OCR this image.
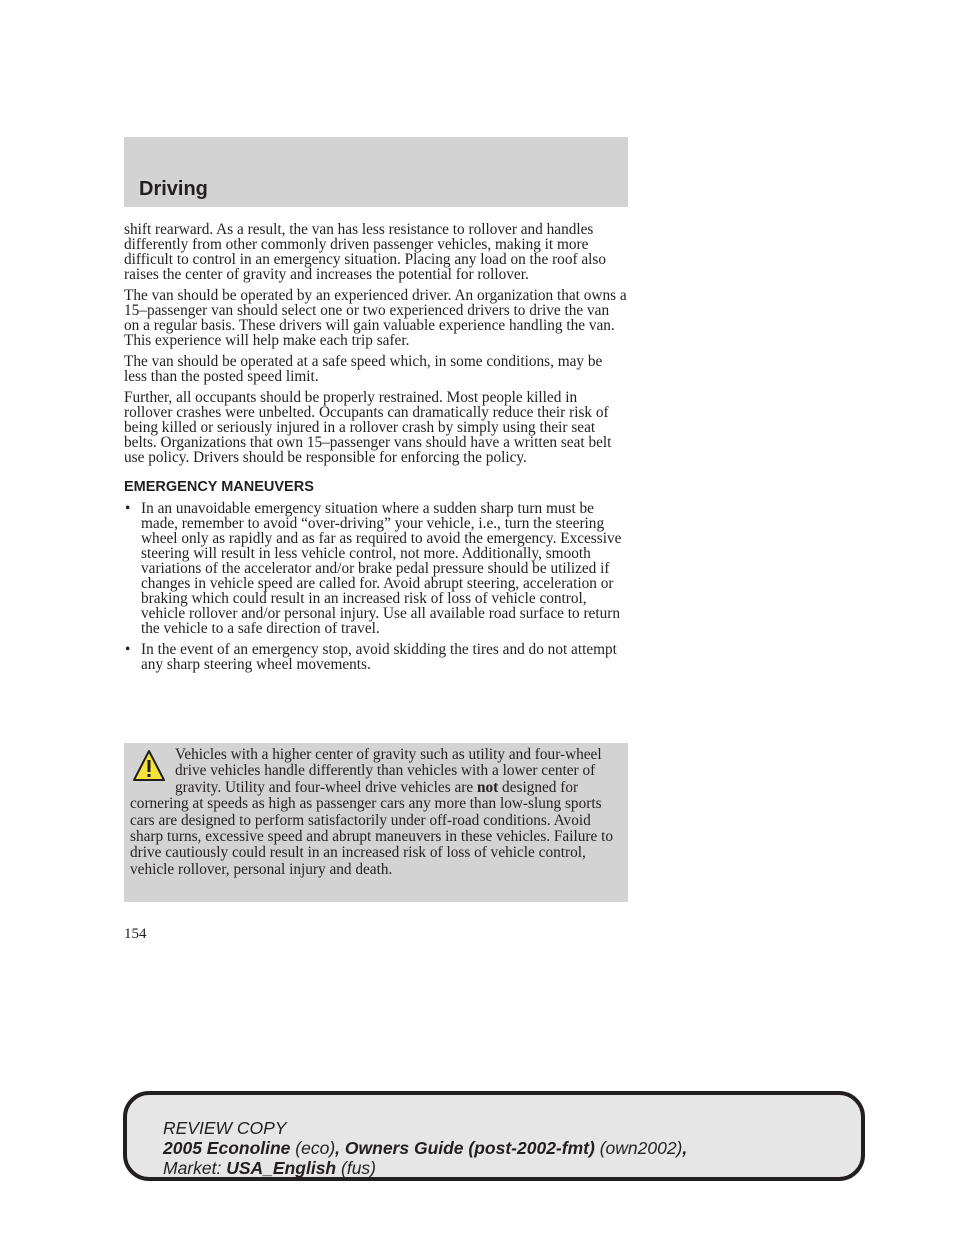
Driving

shift rearward. As a result, the van has less resistance to rollover and handles differently from other commonly driven passenger vehicles, making it more difficult to control in an emergency situation. Placing any load on the roof also raises the center of gravity and increases the potential for rollover.

The van should be operated by an experienced driver. An organization that owns a 15–passenger van should select one or two experienced drivers to drive the van on a regular basis. These drivers will gain valuable experience handling the van. This experience will help make each trip safer.

The van should be operated at a safe speed which, in some conditions, may be less than the posted speed limit.

Further, all occupants should be properly restrained. Most people killed in rollover crashes were unbelted. Occupants can dramatically reduce their risk of being killed or seriously injured in a rollover crash by simply using their seat belts. Organizations that own 15–passenger vans should have a written seat belt use policy. Drivers should be responsible for enforcing the policy.

EMERGENCY MANEUVERS
• In an unavoidable emergency situation where a sudden sharp turn must be made, remember to avoid “over-driving” your vehicle, i.e., turn the steering wheel only as rapidly and as far as required to avoid the emergency. Excessive steering will result in less vehicle control, not more. Additionally, smooth variations of the accelerator and/or brake pedal pressure should be utilized if changes in vehicle speed are called for. Avoid abrupt steering, acceleration or braking which could result in an increased risk of loss of vehicle control, vehicle rollover and/or personal injury. Use all available road surface to return the vehicle to a safe direction of travel.
• In the event of an emergency stop, avoid skidding the tires and do not attempt any sharp steering wheel movements.
Vehicles with a higher center of gravity such as utility and four-wheel drive vehicles handle differently than vehicles with a lower center of gravity. Utility and four-wheel drive vehicles are not designed for cornering at speeds as high as passenger cars any more than low-slung sports cars are designed to perform satisfactorily under off-road conditions. Avoid sharp turns, excessive speed and abrupt maneuvers in these vehicles. Failure to drive cautiously could result in an increased risk of loss of vehicle control, vehicle rollover, personal injury and death.
154
REVIEW COPY
2005 Econoline (eco), Owners Guide (post-2002-fmt) (own2002),
Market: USA_English (fus)
